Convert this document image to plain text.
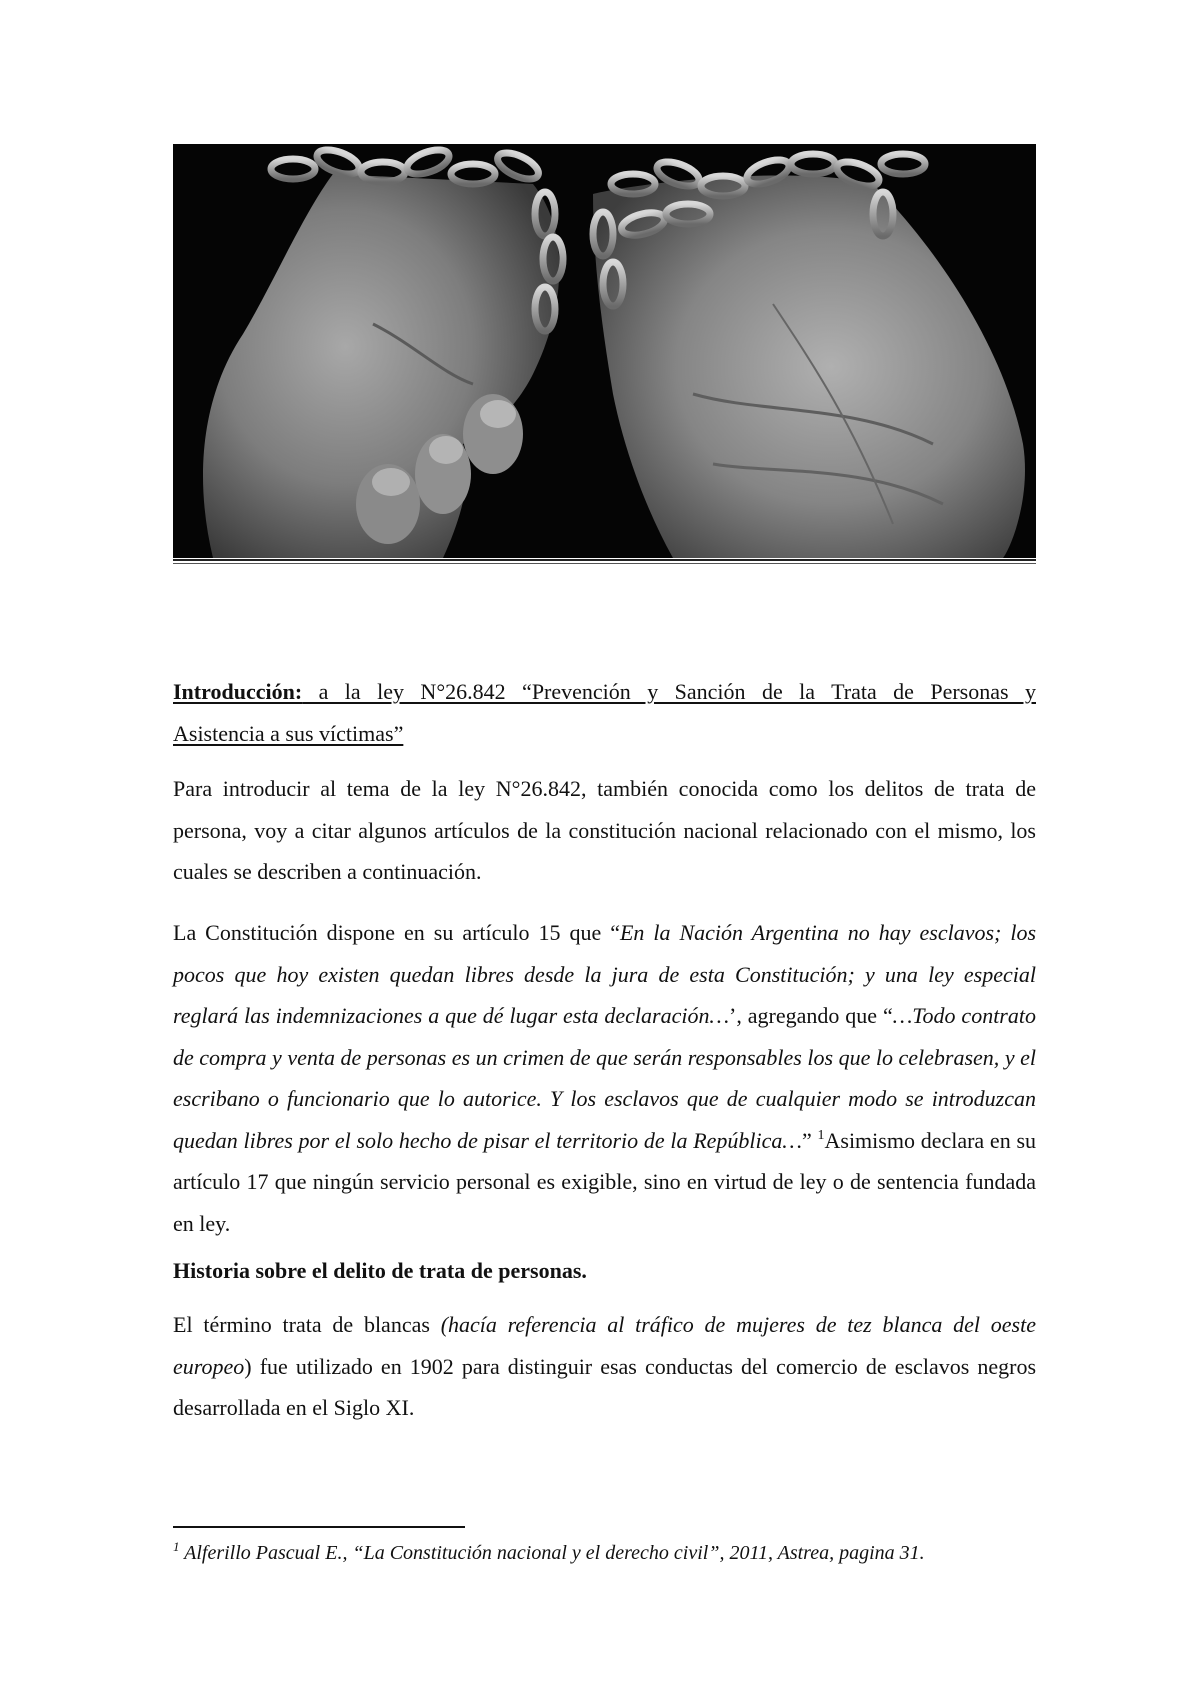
Introducción: a la ley N°26.842 “Prevención y Sanción de la Trata de Personas y

Asistencia a sus víctimas”

Para introducir al tema de la ley N°26.842, también conocida como los delitos de trata de persona, voy a citar algunos artículos de la constitución nacional relacionado con el mismo, los cuales se describen a continuación.

La Constitución dispone en su artículo 15 que “En la Nación Argentina no hay esclavos; los pocos que hoy existen quedan libres desde la jura de esta Constitución; y una ley especial reglará las indemnizaciones a que dé lugar esta declaración…’, agregando que “…Todo contrato de compra y venta de personas es un crimen de que serán responsables los que lo celebrasen, y el escribano o funcionario que lo autorice. Y los esclavos que de cualquier modo se introduzcan quedan libres por el solo hecho de pisar el territorio de la República…” $^1$Asimismo declara en su artículo 17 que ningún servicio personal es exigible, sino en virtud de ley o de sentencia fundada en ley.

Historia sobre el delito de trata de personas.

El término trata de blancas (hacía referencia al tráfico de mujeres de tez blanca del oeste europeo) fue utilizado en 1902 para distinguir esas conductas del comercio de esclavos negros desarrollada en el Siglo XI.

$^1$ Alferillo Pascual E., “La Constitución nacional y el derecho civil”, 2011, Astrea, pagina 31.
